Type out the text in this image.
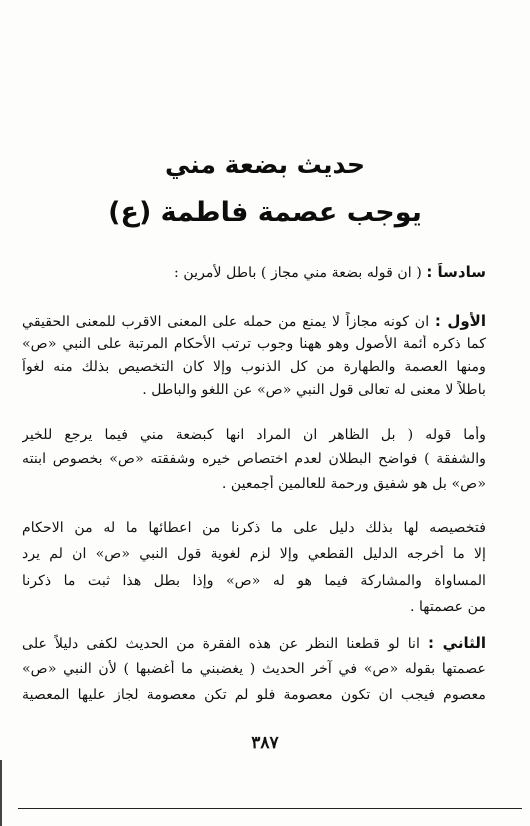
حديث بضعة مني
يوجب عصمة فاطمة (ع)
سادساً : ( ان قوله بضعة مني مجاز ) باطل لأمرين :
الأول : ان كونه مجازاً لا يمنع من حمله على المعنى الاقرب للمعنى الحقيقي
كما ذكره أئمة الأصول وهو ههنا وجوب ترتب الأحكام المرتبة على النبي «ص»
ومنها العصمة والطهارة من كل الذنوب وإلا كان التخصيص بذلك منه لغواً
باطلاً لا معنى له تعالى قول النبي «ص» عن اللغو والباطل .
وأما قوله ( بل الظاهر ان المراد انها كبضعة مني فيما يرجع للخير
والشفقة ) فواضح البطلان لعدم اختصاص خيره وشفقته «ص» بخصوص ابنته
«ص» بل هو شفيق ورحمة للعالمين أجمعين .
فتخصيصه لها بذلك دليل على ما ذكرنا من اعطائها ما له من الاحكام
إلا ما أخرجه الدليل القطعي وإلا لزم لغوية قول النبي «ص» ان لم يرد
المساواة والمشاركة فيما هو له «ص» وإذا بطل هذا ثبت ما ذكرنا
من عصمتها .
الثاني : انا لو قطعنا النظر عن هذه الفقرة من الحديث لكفى دليلاً على
عصمتها بقوله «ص» في آخر الحديث ( يغضبني ما أغضبها ) لأن النبي «ص»
معصوم فيجب ان تكون معصومة فلو لم تكن معصومة لجاز عليها المعصية
٣٨٧
